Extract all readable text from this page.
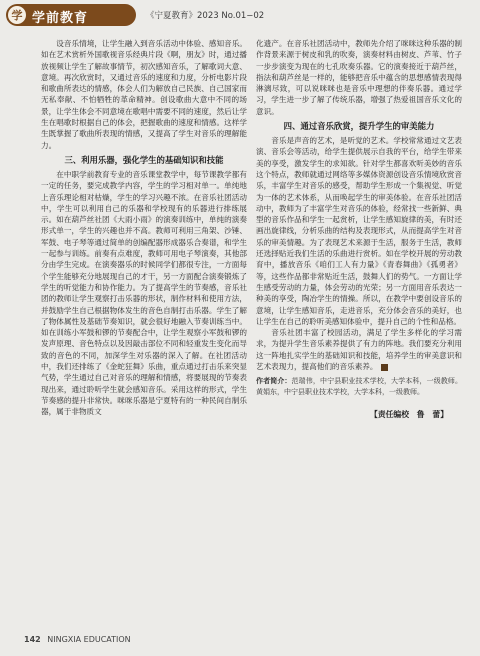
学 学前教育	《宁夏教育》2023 No.01−02

设音乐情境，让学生融入到音乐活动中体验、感知音乐。如在艺术赏析外国歌视音乐经典片段《啊，朋友》时，通过播放视频让学生了解故事情节，初次感知音乐，了解歌词大意、意境。再次欣赏时，又通过音乐的速度和力度，分析电影片段和歌曲所表达的情感，体会人们为解放自己民族、自己国家而无私奉献、不怕牺牲的革命精神。创设歌曲大意中不同的场景，让学生体会不同意境在歌唱中需要不同的速度，然后让学生在唱歌时根据自己的体会，把握歌曲的速度和情感。这样学生既掌握了歌曲所表现的情感，又提高了学生对音乐的理解能力。

三、利用乐器，强化学生的基础知识和技能

在中职学前教育专业的音乐课堂教学中，每节课教学都有一定的任务，要完成教学内容，学生的学习相对单一。单纯地上音乐理论相对枯燥，学生的学习兴趣不浓。在音乐社团活动中，学生可以利用自己的乐器和学校现有的乐器进行排练展示。如在葫芦丝社团《大雨小雨》的演奏训练中，单纯的演奏形式单一，学生的兴趣也并不高。教师可利用三角架、沙锤、军鼓、电子琴等通过简单的创编配器形成器乐合奏谱，和学生一起参与训练。前奏有点难度，教师可用电子琴演奏，其他部分由学生完成。在演奏器乐的时候同学们都很专注，一方面每个学生能够充分地展现自己的才干，另一方面配合演奏锻炼了学生的听觉能力和协作能力。为了提高学生的节奏感，音乐社团的教师让学生观察打击乐器的形状，制作材料和使用方法，并鼓励学生自己根据物体发生的音色自制打击乐器。学生了解了物体属性及基础节奏知识，就会很好地融入节奏训练当中。如在训练小军鼓和锣的节奏配合中，让学生观察小军鼓和锣的发声原理、音色特点以及因敲击部位不同和轻重发生变化而导致的音色的不同，加深学生对乐器的深入了解。在社团活动中，我们还排练了《金蛇狂舞》乐曲，重点通过打击乐来突显气势，学生通过自己对音乐的理解和情感，将要展现的节奏表现出来，通过聆听学生就会感知音乐。采用这样的形式，学生节奏感的提升非常快。咪咪乐器是宁夏特有的一种民间自制乐器，属于非物质文

化遗产。在音乐社团活动中，教师先介绍了咪咪这种乐器的制作背景来源于树皮和乳的吹奏，演奏材料由树皮、芦苇、竹子一步步演变为现在的七孔吹奏乐器。它的演奏接近于葫芦丝，指法和葫芦丝是一样的，能够把音乐中蕴含的思想感情表现得淋漓尽致，可以说咪咪也是音乐中理想的伴奏乐器。通过学习，学生进一步了解了传统乐器，增强了热爱祖国音乐文化的意识。

四、通过音乐欣赏，提升学生的审美能力

音乐是声音的艺术，是听觉的艺术。学校常常通过文艺表演、音乐会等活动，给学生提供展示自我的平台，给学生带来美的享受，激发学生的求知欲。针对学生都喜欢听美妙的音乐这个特点，教师就通过网络等多媒体资源创设音乐情境欣赏音乐，丰富学生对音乐的感受，帮助学生形成一个集视觉、听觉为一体的艺术体系，从而唤起学生的审美体验。在音乐社团活动中，教师为了丰富学生对音乐的体验，经常找一些新鲜、典型的音乐作品和学生一起赏析，让学生感知旋律的美，有时还画出旋律线，分析乐曲的结构及表现形式，从而提高学生对音乐的审美情趣。为了表现艺术来源于生活，服务于生活，教师还选择贴近我们生活的乐曲进行赏析。如在学校开展的劳动教育中，播放音乐《咱们工人有力量》《青春舞曲》《孤勇者》等，这些作品都非常贴近生活，鼓舞人们的势气。一方面让学生感受劳动的力量，体会劳动的光荣；另一方面用音乐表达一种美的享受，陶冶学生的情操。所以，在教学中要创设音乐的意境，让学生感知音乐，走进音乐，充分体会音乐的美好，也让学生在自己的聆听美感知体验中，提升自己的个性和品格。

音乐社团丰富了校园活动，满足了学生多样化的学习需求，为提升学生音乐素养提供了有力的阵地。我们要充分利用这一阵地扎实学生的基础知识和技能，培养学生的审美意识和艺术表现力，提高他们的音乐素养。

作者简介：范瑞伟，中宁县职业技术学校，大学本科，一级教师。黄娟东，中宁县职业技术学校，大学本科，一级教师。
【责任编校　鲁　蕾】
142 NINGXIA EDUCATION
